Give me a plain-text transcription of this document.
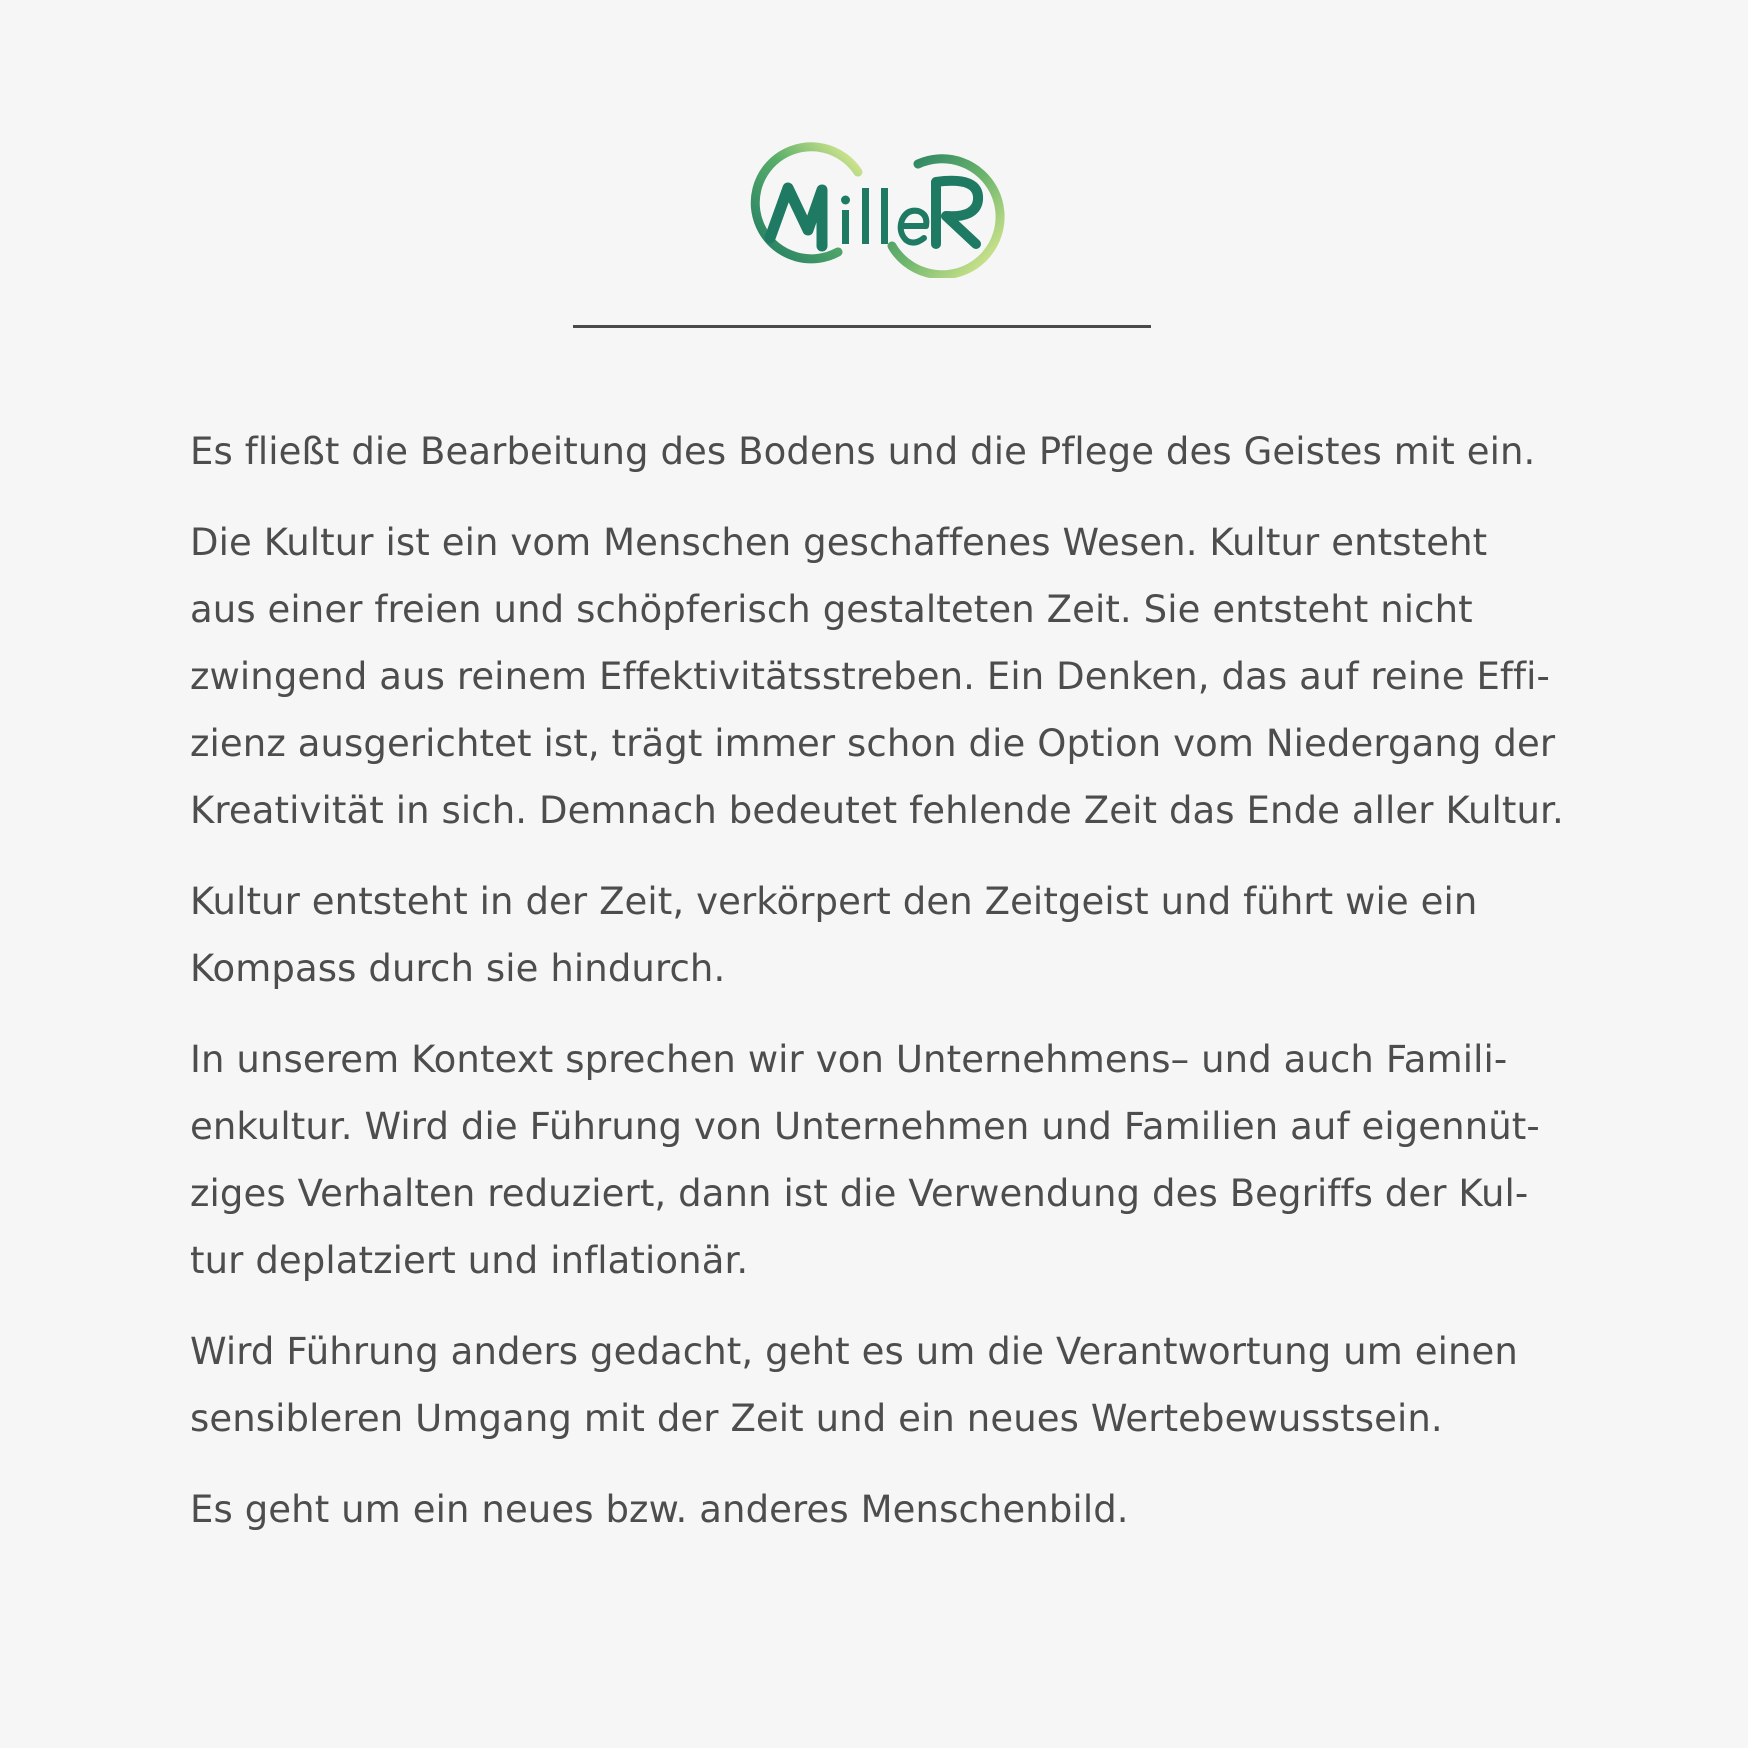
Es fließt die Bearbeitung des Bodens und die Pflege des Geistes mit ein.

Die Kultur ist ein vom Menschen geschaffenes Wesen. Kultur entsteht
aus einer freien und schöpferisch gestalteten Zeit. Sie entsteht nicht
zwingend aus reinem Effektivitätsstreben. Ein Denken, das auf reine Effi-
zienz ausgerichtet ist, trägt immer schon die Option vom Niedergang der
Kreativität in sich. Demnach bedeutet fehlende Zeit das Ende aller Kultur.

Kultur entsteht in der Zeit, verkörpert den Zeitgeist und führt wie ein
Kompass durch sie hindurch.

In unserem Kontext sprechen wir von Unternehmens– und auch Famili-
enkultur. Wird die Führung von Unternehmen und Familien auf eigennüt-
ziges Verhalten reduziert, dann ist die Verwendung des Begriffs der Kul-
tur deplatziert und inflationär.

Wird Führung anders gedacht, geht es um die Verantwortung um einen
sensibleren Umgang mit der Zeit und ein neues Wertebewusstsein.

Es geht um ein neues bzw. anderes Menschenbild.
